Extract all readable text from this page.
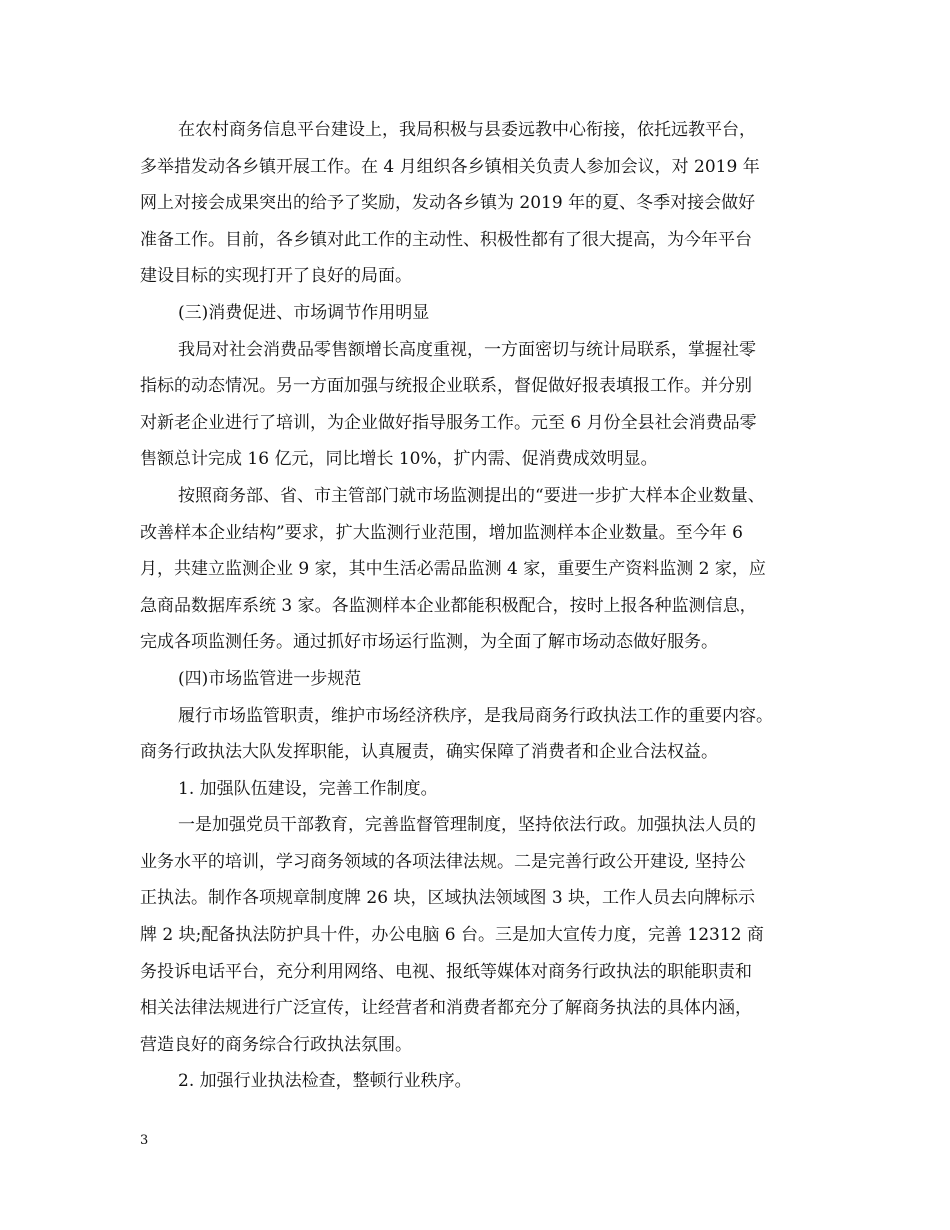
在农村商务信息平台建设上，我局积极与县委远教中心衔接，依托远教平台，
多举措发动各乡镇开展工作。在 4 月组织各乡镇相关负责人参加会议，对 2019 年
网上对接会成果突出的给予了奖励，发动各乡镇为 2019 年的夏、冬季对接会做好
准备工作。目前，各乡镇对此工作的主动性、积极性都有了很大提高，为今年平台
建设目标的实现打开了良好的局面。
(三)消费促进、市场调节作用明显
我局对社会消费品零售额增长高度重视，一方面密切与统计局联系，掌握社零
指标的动态情况。另一方面加强与统报企业联系，督促做好报表填报工作。并分别
对新老企业进行了培训，为企业做好指导服务工作。元至 6 月份全县社会消费品零
售额总计完成 16 亿元，同比增长 10%，扩内需、促消费成效明显。
按照商务部、省、市主管部门就市场监测提出的“要进一步扩大样本企业数量、
改善样本企业结构”要求，扩大监测行业范围，增加监测样本企业数量。至今年 6
月，共建立监测企业 9 家，其中生活必需品监测 4 家，重要生产资料监测 2 家，应
急商品数据库系统 3 家。各监测样本企业都能积极配合，按时上报各种监测信息，
完成各项监测任务。通过抓好市场运行监测，为全面了解市场动态做好服务。
(四)市场监管进一步规范
履行市场监管职责，维护市场经济秩序，是我局商务行政执法工作的重要内容。
商务行政执法大队发挥职能，认真履责，确实保障了消费者和企业合法权益。
1. 加强队伍建设，完善工作制度。
一是加强党员干部教育，完善监督管理制度，坚持依法行政。加强执法人员的
业务水平的培训，学习商务领域的各项法律法规。二是完善行政公开建设, 坚持公
正执法。制作各项规章制度牌 26 块，区域执法领域图 3 块，工作人员去向牌标示
牌 2 块;配备执法防护具十件，办公电脑 6 台。三是加大宣传力度，完善 12312 商
务投诉电话平台，充分利用网络、电视、报纸等媒体对商务行政执法的职能职责和
相关法律法规进行广泛宣传，让经营者和消费者都充分了解商务执法的具体内涵，
营造良好的商务综合行政执法氛围。
2. 加强行业执法检查，整顿行业秩序。
3
